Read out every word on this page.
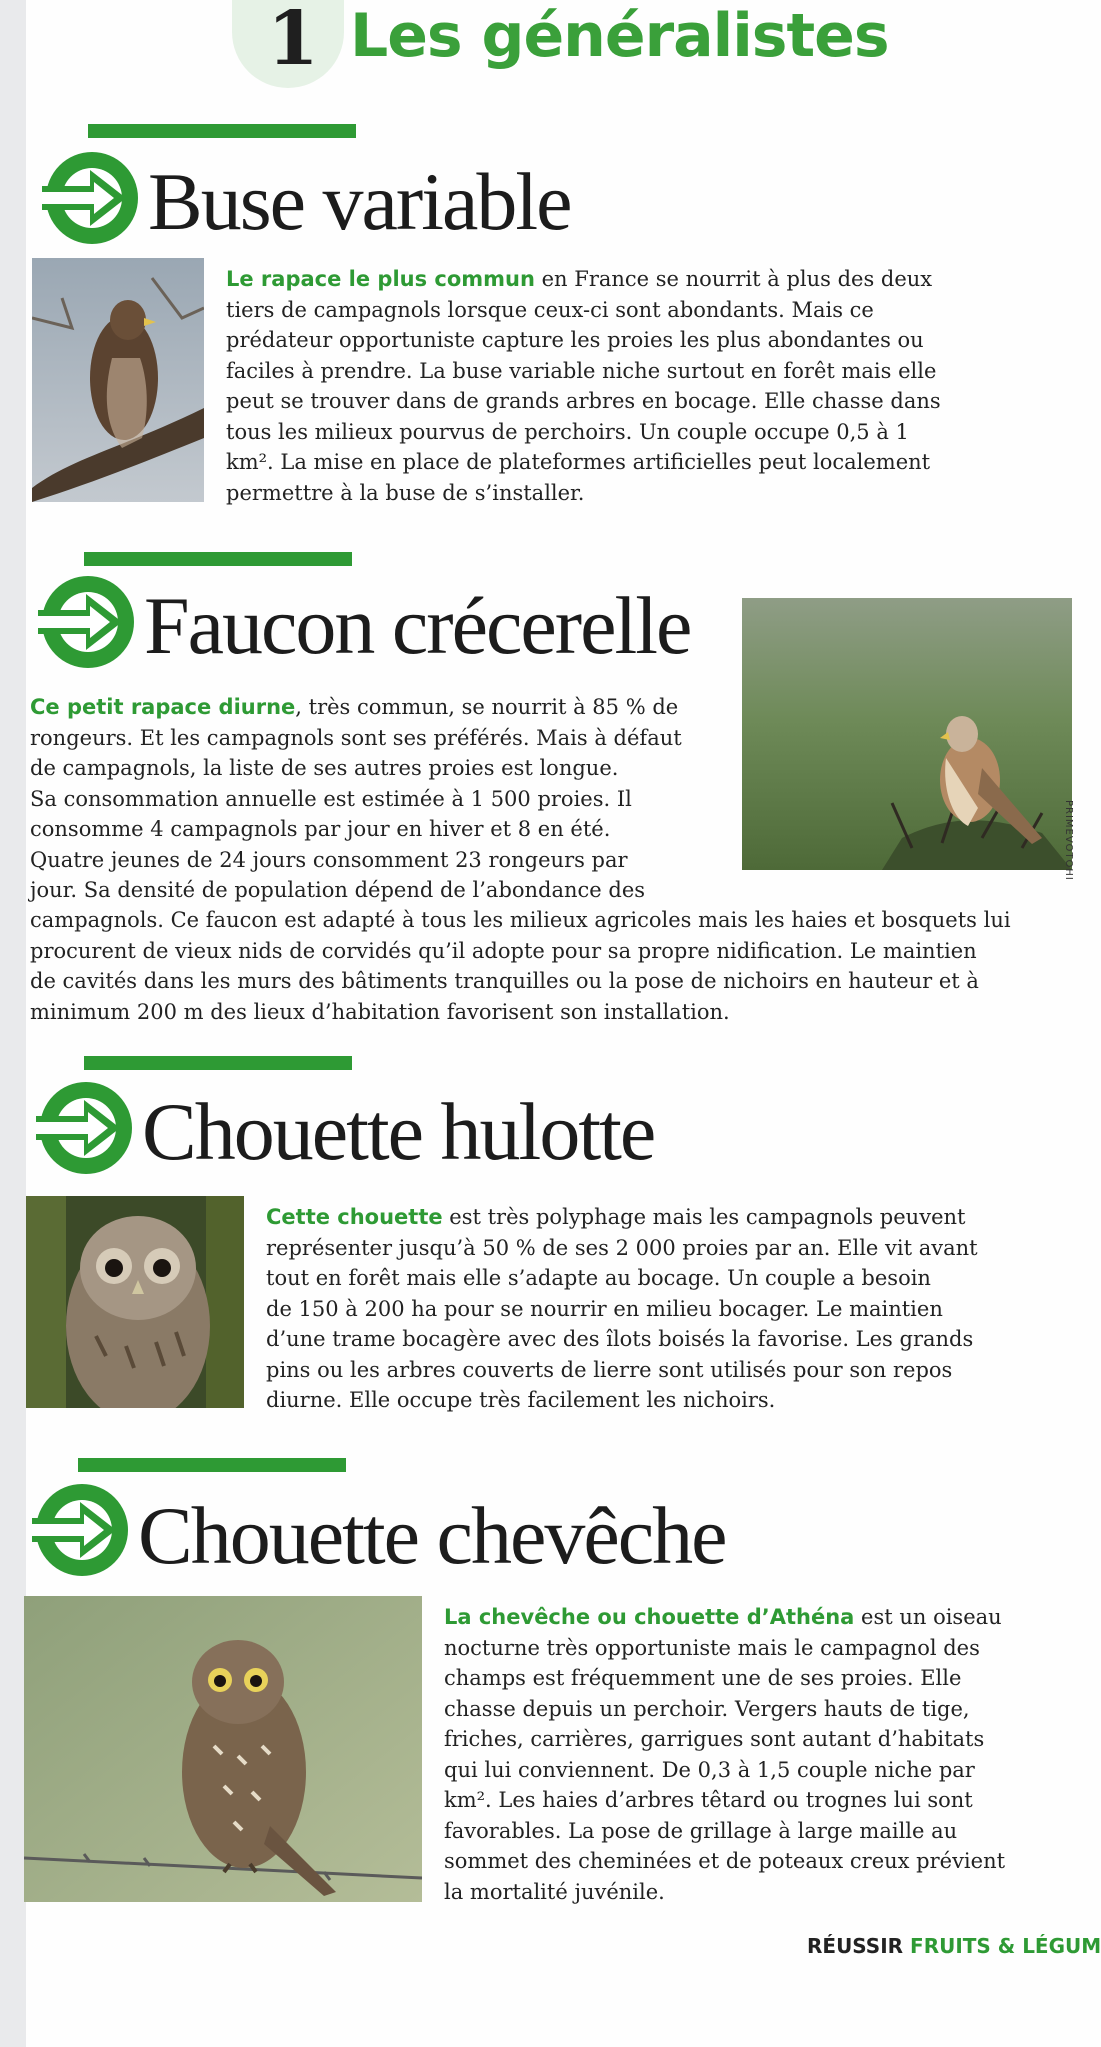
1 Les généralistes
Buse variable
Le rapace le plus commun en France se nourrit à plus des deux
tiers de campagnols lorsque ceux-ci sont abondants. Mais ce
prédateur opportuniste capture les proies les plus abondantes ou
faciles à prendre. La buse variable niche surtout en forêt mais elle
peut se trouver dans de grands arbres en bocage. Elle chasse dans
tous les milieux pourvus de perchoirs. Un couple occupe 0,5 à 1
km². La mise en place de plateformes artificielles peut localement
permettre à la buse de s’installer.
Faucon crécerelle
PRIMEVOTOHI
Ce petit rapace diurne, très commun, se nourrit à 85 % de
rongeurs. Et les campagnols sont ses préférés. Mais à défaut
de campagnols, la liste de ses autres proies est longue.
Sa consommation annuelle est estimée à 1 500 proies. Il
consomme 4 campagnols par jour en hiver et 8 en été.
Quatre jeunes de 24 jours consomment 23 rongeurs par
jour. Sa densité de population dépend de l’abondance des
campagnols. Ce faucon est adapté à tous les milieux agricoles mais les haies et bosquets lui
procurent de vieux nids de corvidés qu’il adopte pour sa propre nidification. Le maintien
de cavités dans les murs des bâtiments tranquilles ou la pose de nichoirs en hauteur et à
minimum 200 m des lieux d’habitation favorisent son installation.
Chouette hulotte
Cette chouette est très polyphage mais les campagnols peuvent
représenter jusqu’à 50 % de ses 2 000 proies par an. Elle vit avant
tout en forêt mais elle s’adapte au bocage. Un couple a besoin
de 150 à 200 ha pour se nourrir en milieu bocager. Le maintien
d’une trame bocagère avec des îlots boisés la favorise. Les grands
pins ou les arbres couverts de lierre sont utilisés pour son repos
diurne. Elle occupe très facilement les nichoirs.
Chouette chevêche
La chevêche ou chouette d’Athéna est un oiseau
nocturne très opportuniste mais le campagnol des
champs est fréquemment une de ses proies. Elle
chasse depuis un perchoir. Vergers hauts de tige,
friches, carrières, garrigues sont autant d’habitats
qui lui conviennent. De 0,3 à 1,5 couple niche par
km². Les haies d’arbres têtard ou trognes lui sont
favorables. La pose de grillage à large maille au
sommet des cheminées et de poteaux creux prévient
la mortalité juvénile.
RÉUSSIR FRUITS & LÉGUM
